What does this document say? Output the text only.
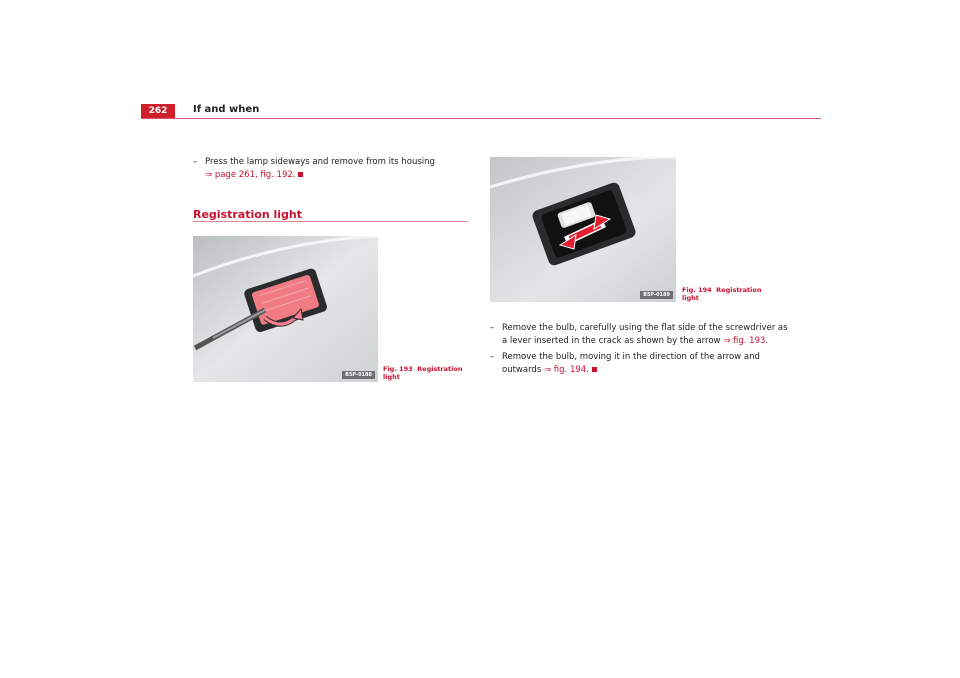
262	If and when
– Press the lamp sideways and remove from its housing
⇒ page 261, fig. 192.
Registration light
B5P-0188
Fig. 193 Registration light
B5P-0189
Fig. 194 Registration light
– Remove the bulb, carefully using the flat side of the screwdriver as a lever inserted in the crack as shown by the arrow ⇒ fig. 193.
– Remove the bulb, moving it in the direction of the arrow and outwards ⇒ fig. 194.
